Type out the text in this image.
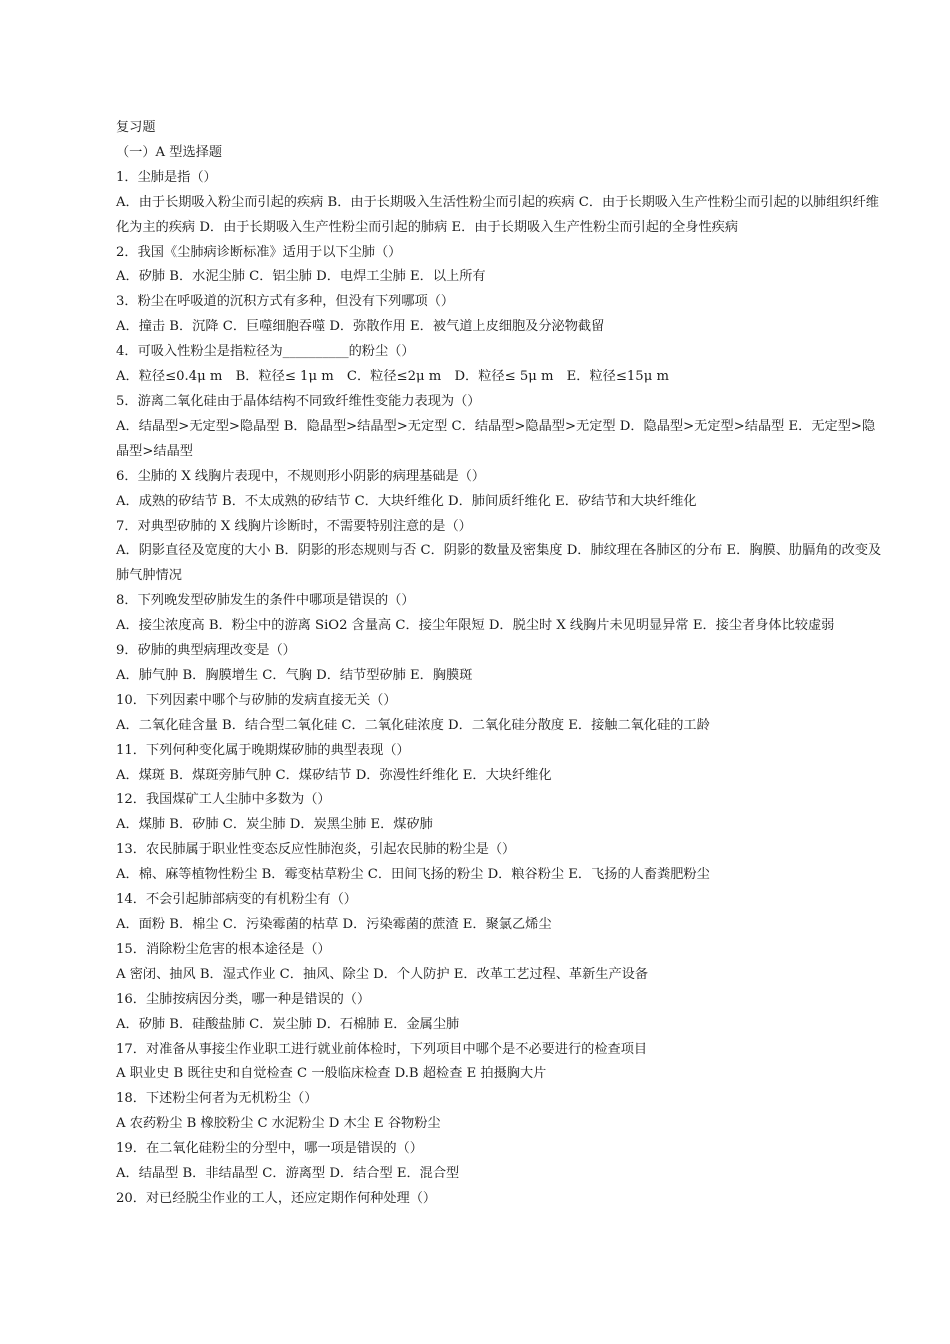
复习题

（一）A 型选择题

1．尘肺是指（）

A．由于长期吸入粉尘而引起的疾病 B．由于长期吸入生活性粉尘而引起的疾病 C．由于长期吸入生产性粉尘而引起的以肺组织纤维化为主的疾病 D．由于长期吸入生产性粉尘而引起的肺病 E．由于长期吸入生产性粉尘而引起的全身性疾病

2．我国《尘肺病诊断标准》适用于以下尘肺（）

A．矽肺 B．水泥尘肺 C．铝尘肺 D．电焊工尘肺 E．以上所有

3．粉尘在呼吸道的沉积方式有多种，但没有下列哪项（）

A．撞击 B．沉降 C．巨噬细胞吞噬 D．弥散作用 E．被气道上皮细胞及分泌物截留

4．可吸入性粉尘是指粒径为__________的粉尘（）

A．粒径≤0.4μ m　B．粒径≤ 1μ m　C．粒径≤2μ m　D．粒径≤ 5μ m　E．粒径≤15μ m

5．游离二氧化硅由于晶体结构不同致纤维性变能力表现为（）

A．结晶型>无定型>隐晶型 B．隐晶型>结晶型>无定型 C．结晶型>隐晶型>无定型 D．隐晶型>无定型>结晶型 E．无定型>隐晶型>结晶型

6．尘肺的 X 线胸片表现中，不规则形小阴影的病理基础是（）

A．成熟的矽结节 B．不太成熟的矽结节 C．大块纤维化 D．肺间质纤维化 E．矽结节和大块纤维化

7．对典型矽肺的 X 线胸片诊断时，不需要特别注意的是（）

A．阴影直径及宽度的大小 B．阴影的形态规则与否 C．阴影的数量及密集度 D．肺纹理在各肺区的分布 E．胸膜、肋膈角的改变及肺气肿情况

8．下列晚发型矽肺发生的条件中哪项是错误的（）

A．接尘浓度高 B．粉尘中的游离 SiO2 含量高 C．接尘年限短 D．脱尘时 X 线胸片未见明显异常 E．接尘者身体比较虚弱

9．矽肺的典型病理改变是（）

A．肺气肿 B．胸膜增生 C．气胸 D．结节型矽肺 E．胸膜斑

10．下列因素中哪个与矽肺的发病直接无关（）

A．二氧化硅含量 B．结合型二氧化硅 C．二氧化硅浓度 D．二氧化硅分散度 E．接触二氧化硅的工龄

11．下列何种变化属于晚期煤矽肺的典型表现（）

A．煤斑 B．煤斑旁肺气肿 C．煤矽结节 D．弥漫性纤维化 E．大块纤维化

12．我国煤矿工人尘肺中多数为（）

A．煤肺 B．矽肺 C．炭尘肺 D．炭黑尘肺 E．煤矽肺

13．农民肺属于职业性变态反应性肺泡炎，引起农民肺的粉尘是（）

A．棉、麻等植物性粉尘 B．霉变枯草粉尘 C．田间飞扬的粉尘 D．粮谷粉尘 E．飞扬的人畜粪肥粉尘

14．不会引起肺部病变的有机粉尘有（）

A．面粉 B．棉尘 C．污染霉菌的枯草 D．污染霉菌的蔗渣 E．聚氯乙烯尘

15．消除粉尘危害的根本途径是（）

A 密闭、抽风 B．湿式作业 C．抽风、除尘 D．个人防护 E．改革工艺过程、革新生产设备

16．尘肺按病因分类，哪一种是错误的（）

A．矽肺 B．硅酸盐肺 C．炭尘肺 D．石棉肺 E．金属尘肺

17．对准备从事接尘作业职工进行就业前体检时，下列项目中哪个是不必要进行的检查项目

A 职业史 B 既往史和自觉检查 C 一般临床检查 D.B 超检查 E 拍摄胸大片

18．下述粉尘何者为无机粉尘（）

A 农药粉尘 B 橡胶粉尘 C 水泥粉尘 D 木尘 E 谷物粉尘

19．在二氧化硅粉尘的分型中，哪一项是错误的（）

A．结晶型 B．非结晶型 C．游离型 D．结合型 E．混合型

20．对已经脱尘作业的工人，还应定期作何种处理（）
